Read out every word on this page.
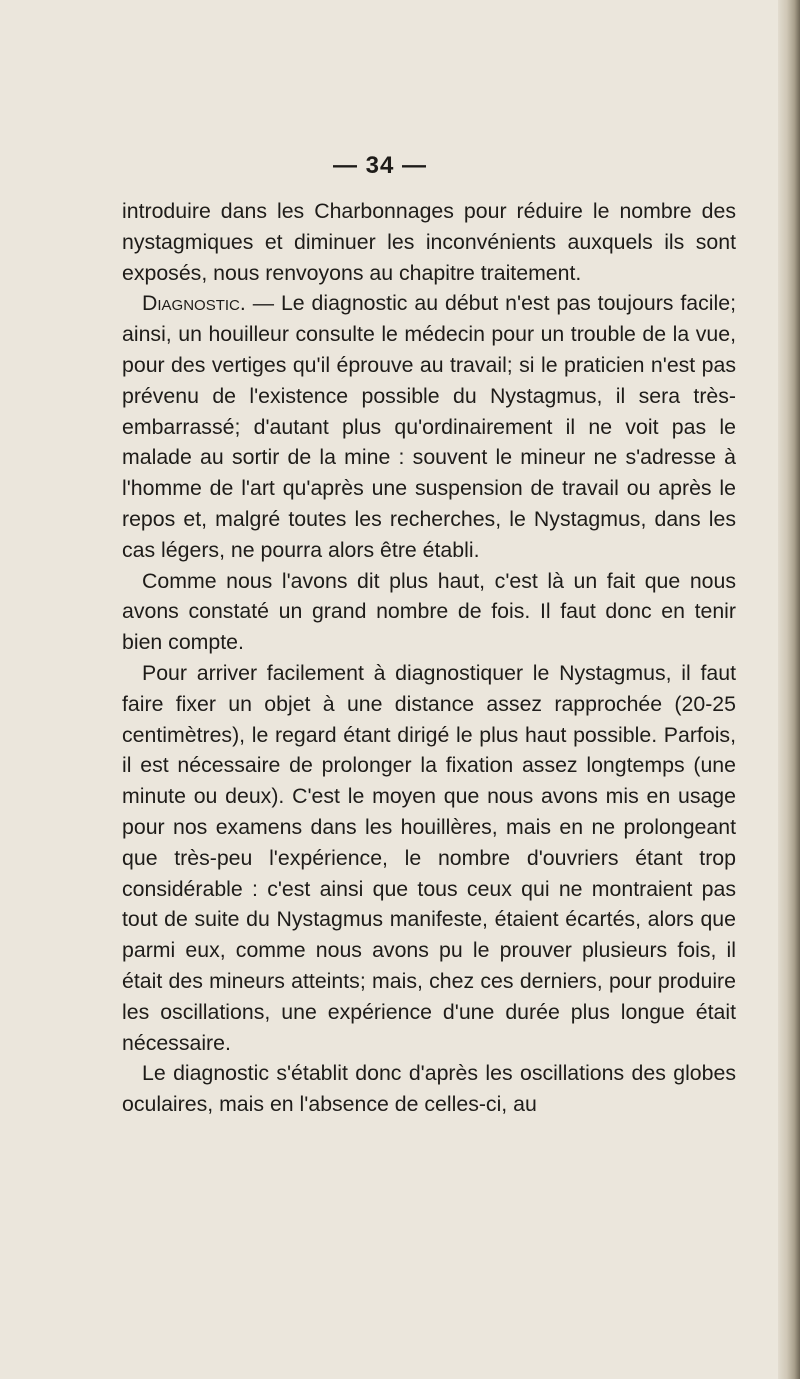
— 34 —

introduire dans les Charbonnages pour réduire le nombre des nystagmiques et diminuer les inconvénients auxquels ils sont exposés, nous renvoyons au chapitre traitement.

Diagnostic. — Le diagnostic au début n'est pas toujours facile; ainsi, un houilleur consulte le médecin pour un trouble de la vue, pour des vertiges qu'il éprouve au travail; si le praticien n'est pas prévenu de l'existence possible du Nystagmus, il sera très-embarrassé; d'autant plus qu'ordinairement il ne voit pas le malade au sortir de la mine : souvent le mineur ne s'adresse à l'homme de l'art qu'après une suspension de travail ou après le repos et, malgré toutes les recherches, le Nystagmus, dans les cas légers, ne pourra alors être établi.

Comme nous l'avons dit plus haut, c'est là un fait que nous avons constaté un grand nombre de fois. Il faut donc en tenir bien compte.

Pour arriver facilement à diagnostiquer le Nystagmus, il faut faire fixer un objet à une distance assez rapprochée (20-25 centimètres), le regard étant dirigé le plus haut possible. Parfois, il est nécessaire de prolonger la fixation assez longtemps (une minute ou deux). C'est le moyen que nous avons mis en usage pour nos examens dans les houillères, mais en ne prolongeant que très-peu l'expérience, le nombre d'ouvriers étant trop considérable : c'est ainsi que tous ceux qui ne montraient pas tout de suite du Nystagmus manifeste, étaient écartés, alors que parmi eux, comme nous avons pu le prouver plusieurs fois, il était des mineurs atteints; mais, chez ces derniers, pour produire les oscillations, une expérience d'une durée plus longue était nécessaire.

Le diagnostic s'établit donc d'après les oscillations des globes oculaires, mais en l'absence de celles-ci, au
